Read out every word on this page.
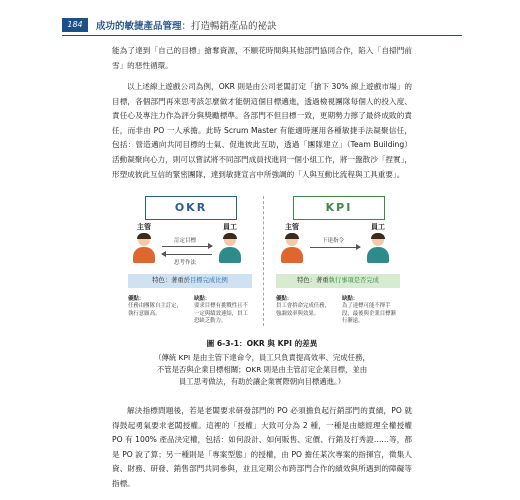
184	成功的敏捷產品管理：打造暢銷產品的祕訣
能為了達到「自己的目標」搶奪資源，不願花時間與其他部門協同合作，陷入「自掃門前雪」的惡性循環。
以上述線上遊戲公司為例，OKR 則是由公司老闆訂定「搶下 30% 線上遊戲市場」的目標，各個部門再來思考該怎麼做才能朝這個目標邁進，透過檢視團隊每個人的投入度、責任心及專注力作為評分與獎勵標準。各部門不但目標一致，更期勢力擰了最終成敗的責任，而非由 PO 一人承擔。此時 Scrum Master 有能適時運用各種敏捷手法凝聚信任，包括：營造邁向共同目標的士氣、促進彼此互助，透過「團隊建立」（Team Building）活動凝聚向心力，則可以嘗試將不同部門成員找進同一個小組工作，將一盤散沙「捏實」，形塑成彼此互信的緊密團隊，達到敏捷宣言中所強調的「人與互動比流程與工具重要」。
OKR
主管	員工
訂定目標
思考作法
特色：著重於目標完成比例
優點：
任務由團隊自主訂定，執行意願高。
缺點：
要求目標有挑戰性且不一定與績效連結，員工恐缺乏動力。
KPI
主管	員工
下達指令
特色：著重執行事項是否完成
優點：
員工會拚命完成任務，強調效率與效果。
缺點：
為了達標可能不擇手段，最後與企業目標漸行漸遠。
圖 6-3-1：OKR 與 KPI 的差異
（傳統 KPI 是由主管下達命令，員工只負責提高效率、完成任務，
不管是否與企業目標相關；OKR 則是由主管訂定企業目標，並由
員工思考做法，有助於讓企業實際朝向目標邁進。）
解決指標問題後，若是老闆要求研發部門的 PO 必須擔負起行銷部門的責績，PO 就得鼓起勇氣要求老闆授權。這裡的「授權」大致可分為 2 種，一種是由總經理全權授權 PO 有 100% 產品決定權，包括：如何設計、如何販售、定價、行銷及打秀證……等，都是 PO 說了算；另一種則是「專案型態」的授權，由 PO 擔任某次專案的指揮官，徵集人資、財務、研發、銷售部門共同參與，並且定期公布跨部門合作的績效與所遇到的障礙等指標。
